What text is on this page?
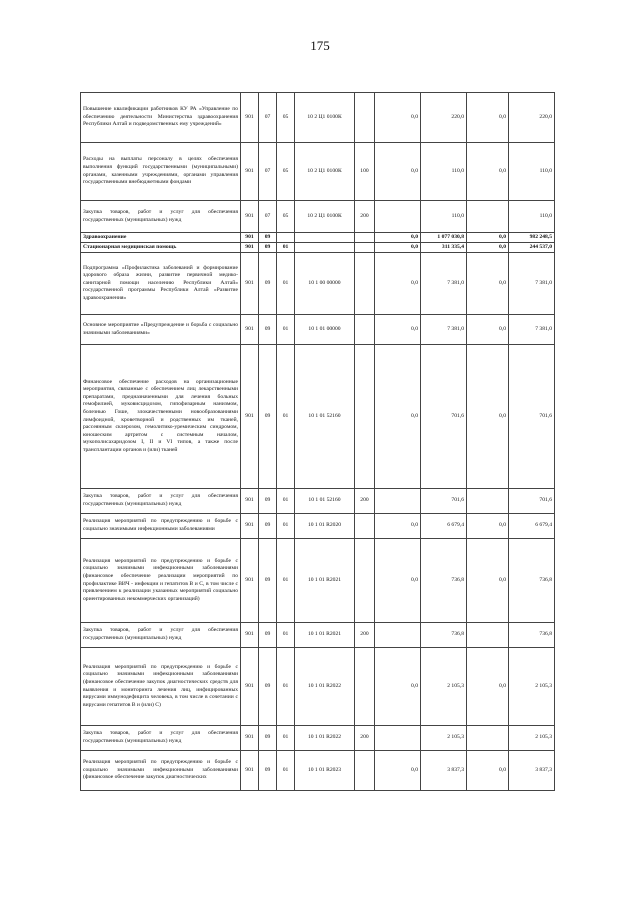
175
Повышение квалификации работников КУ РА «Управление по обеспечению деятельности Министерства здравоохранения Республики Алтай и подведомственных ему учреждений»	901	07	05	10 2 Ц1 0100К		0,0	220,0	0,0	220,0
Расходы на выплаты персоналу в целях обеспечения выполнения функций государственными (муниципальными) органами, казенными учреждениями, органами управления государственными внебюджетными фондами	901	07	05	10 2 Ц1 0100К	100	0,0	110,0	0,0	110,0
Закупка товаров, работ и услуг для обеспечения государственных (муниципальных) нужд	901	07	05	10 2 Ц1 0100К	200		110,0		110,0
Здравоохранение	901	09				0,0	1 077 030,8	0,0	982 248,5
Стационарная медицинская помощь	901	09	01			0,0	311 335,4	0,0	244 537,0
Подпрограмма «Профилактика заболеваний и формирование здорового образа жизни, развитие первичной медико-санитарной помощи населению Республики Алтай» государственной программы Республики Алтай «Развитие здравоохранения»	901	09	01	10 1 00 00000		0,0	7 381,0	0,0	7 381,0
Основное мероприятие «Предупреждение и борьба с социально значимыми заболеваниями»	901	09	01	10 1 01 00000		0,0	7 381,0	0,0	7 381,0
Финансовое обеспечение расходов на организационные мероприятия, связанные с обеспечением лиц лекарственными препаратами, предназначенными для лечения больных гемофилией, муковисцидозом, гипофизарным нанизмом, болезнью Гоше, злокачественными новообразованиями лимфоидной, кроветворной и родственных им тканей, рассеянным склерозом, гемолитико-уремическим синдромом, юношеским артритом с системным началом, мукополисахаридозом I, II и VI типов, а также после трансплантации органов и (или) тканей	901	09	01	10 1 01 52160		0,0	701,6	0,0	701,6
Закупка товаров, работ и услуг для обеспечения государственных (муниципальных) нужд	901	09	01	10 1 01 52160	200		701,6		701,6
Реализация мероприятий по предупреждению и борьбе с социально значимыми инфекционными заболеваниями	901	09	01	10 1 01 R2020		0,0	6 679,4	0,0	6 679,4
Реализация мероприятий по предупреждению и борьбе с социально значимыми инфекционными заболеваниями (финансовое обеспечение реализации мероприятий по профилактике ВИЧ - инфекции и гепатитов В и С, в том числе с привлечением к реализации указанных мероприятий социально ориентированных некоммерческих организаций)	901	09	01	10 1 01 R2021		0,0	736,8	0,0	736,8
Закупка товаров, работ и услуг для обеспечения государственных (муниципальных) нужд	901	09	01	10 1 01 R2021	200		736,8		736,8
Реализация мероприятий по предупреждению и борьбе с социально значимыми инфекционными заболеваниями (финансовое обеспечение закупок диагностических средств для выявления и мониторинга лечения лиц, инфицированных вирусами иммунодефицита человека, в том числе в сочетании с вирусами гепатитов В и (или) С)	901	09	01	10 1 01 R2022		0,0	2 105,3	0,0	2 105,3
Закупка товаров, работ и услуг для обеспечения государственных (муниципальных) нужд	901	09	01	10 1 01 R2022	200		2 105,3		2 105,3
Реализация мероприятий по предупреждению и борьбе с социально значимыми инфекционными заболеваниями (финансовое обеспечение закупок диагностических	901	09	01	10 1 01 R2023		0,0	3 837,3	0,0	3 837,3
